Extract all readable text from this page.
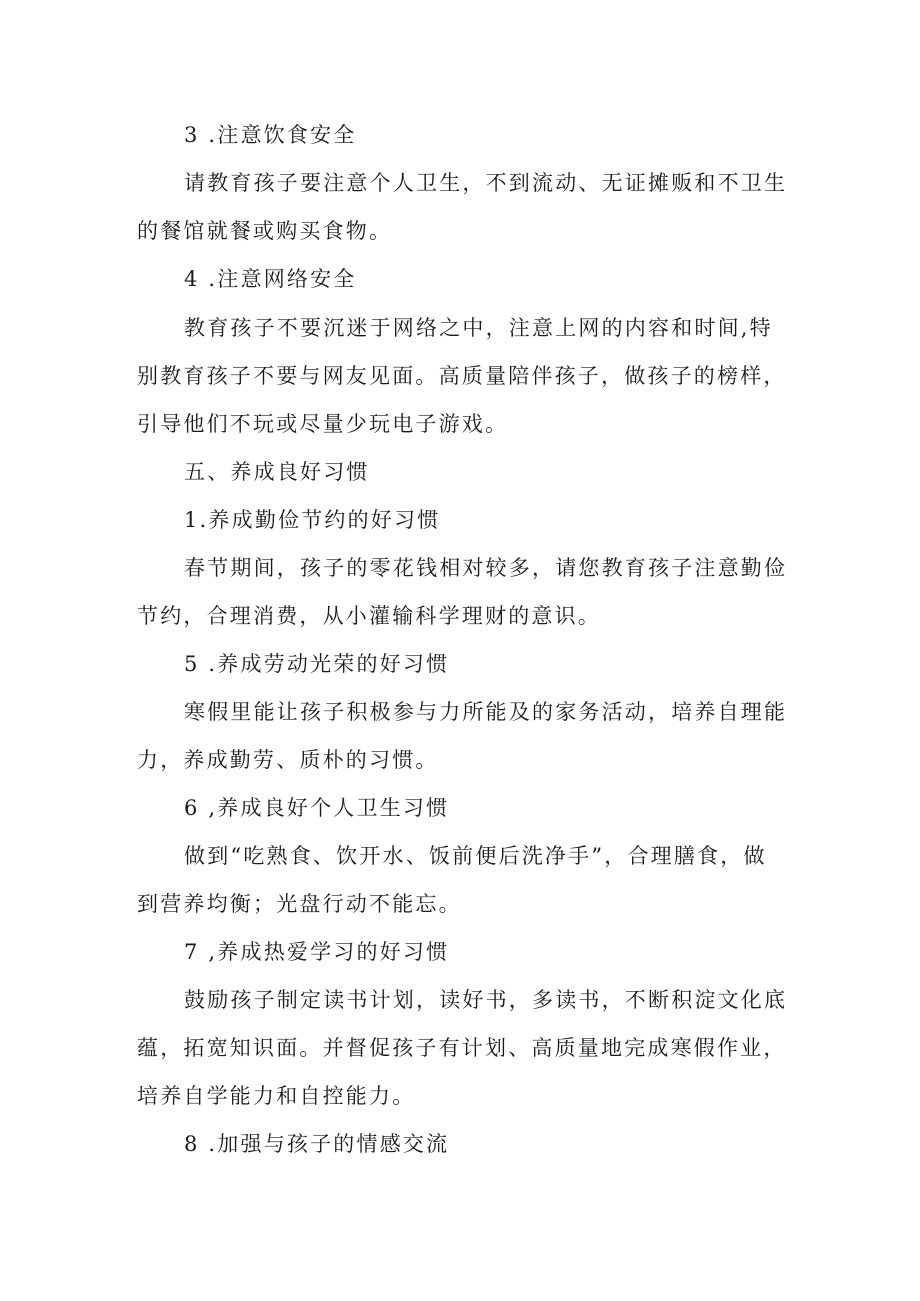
3 .注意饮食安全
请教育孩子要注意个人卫生，不到流动、无证摊贩和不卫生
的餐馆就餐或购买食物。
4 .注意网络安全
教育孩子不要沉迷于网络之中，注意上网的内容和时间,特
别教育孩子不要与网友见面。高质量陪伴孩子，做孩子的榜样，
引导他们不玩或尽量少玩电子游戏。
五、养成良好习惯
1.养成勤俭节约的好习惯
春节期间，孩子的零花钱相对较多，请您教育孩子注意勤俭
节约，合理消费，从小灌输科学理财的意识。
5 .养成劳动光荣的好习惯
寒假里能让孩子积极参与力所能及的家务活动，培养自理能
力，养成勤劳、质朴的习惯。
6 ,养成良好个人卫生习惯
做到“吃熟食、饮开水、饭前便后洗净手”，合理膳食，做
到营养均衡；光盘行动不能忘。
7 ,养成热爱学习的好习惯
鼓励孩子制定读书计划，读好书，多读书，不断积淀文化底
蕴，拓宽知识面。并督促孩子有计划、高质量地完成寒假作业，
培养自学能力和自控能力。
8 .加强与孩子的情感交流
